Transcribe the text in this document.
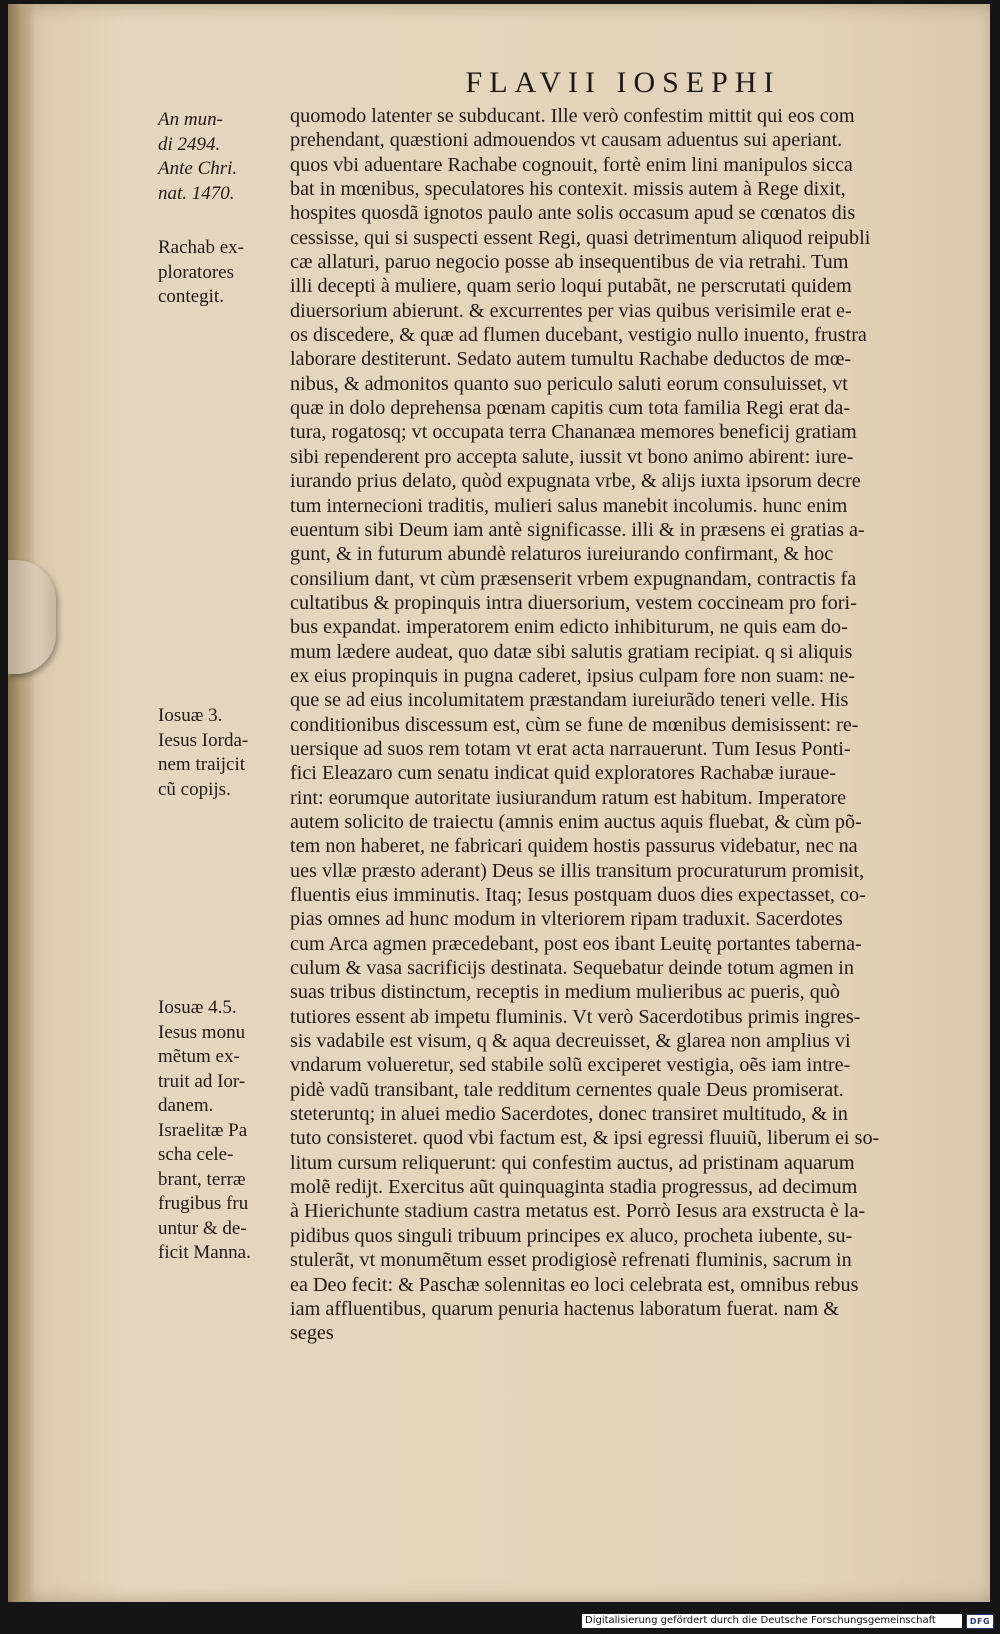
FLAVII IOSEPHI
An mun-
di 2494.
Ante Chri.
nat. 1470.
Rachab ex-
ploratores
contegit.
Iosuæ 3.
Iesus Iorda-
nem traijcit
cũ copijs.
Iosuæ 4.5.
Iesus monu
mẽtum ex-
truit ad Ior-
danem.
Israelitæ Pa
scha cele-
brant, terræ
frugibus fru
untur & de-
ficit Manna.
quomodo latenter se subducant. Ille verò confestim mittit qui eos com
prehendant, quæstioni admouendos vt causam aduentus sui aperiant.
quos vbi aduentare Rachabe cognouit, fortè enim lini manipulos sicca
bat in mœnibus, speculatores his contexit. missis autem à Rege dixit,
hospites quosdã ignotos paulo ante solis occasum apud se cœnatos dis
cessisse, qui si suspecti essent Regi, quasi detrimentum aliquod reipubli
cæ allaturi, paruo negocio posse ab insequentibus de via retrahi. Tum
illi decepti à muliere, quam serio loqui putabãt, ne perscrutati quidem
diuersorium abierunt. & excurrentes per vias quibus verisimile erat e-
os discedere, & quæ ad flumen ducebant, vestigio nullo inuento, frustra
laborare destiterunt. Sedato autem tumultu Rachabe deductos de mœ-
nibus, & admonitos quanto suo periculo saluti eorum consuluisset, vt
quæ in dolo deprehensa pœnam capitis cum tota familia Regi erat da-
tura, rogatosq; vt occupata terra Chananæa memores beneficij gratiam
sibi rependerent pro accepta salute, iussit vt bono animo abirent: iure-
iurando prius delato, quòd expugnata vrbe, & alijs iuxta ipsorum decre
tum internecioni traditis, mulieri salus manebit incolumis. hunc enim
euentum sibi Deum iam antè significasse. illi & in præsens ei gratias a-
gunt, & in futurum abundè relaturos iureiurando confirmant, & hoc
consilium dant, vt cùm præsenserit vrbem expugnandam, contractis fa
cultatibus & propinquis intra diuersorium, vestem coccineam pro fori-
bus expandat. imperatorem enim edicto inhibiturum, ne quis eam do-
mum lædere audeat, quo datæ sibi salutis gratiam recipiat. q si aliquis
ex eius propinquis in pugna caderet, ipsius culpam fore non suam: ne-
que se ad eius incolumitatem præstandam iureiurãdo teneri velle. His
conditionibus discessum est, cùm se fune de mœnibus demisissent: re-
uersique ad suos rem totam vt erat acta narrauerunt. Tum Iesus Ponti-
fici Eleazaro cum senatu indicat quid exploratores Rachabæ iuraue-
rint: eorumque autoritate iusiurandum ratum est habitum. Imperatore
autem solicito de traiectu (amnis enim auctus aquis fluebat, & cùm põ-
tem non haberet, ne fabricari quidem hostis passurus videbatur, nec na
ues vllæ præsto aderant) Deus se illis transitum procuraturum promisit,
fluentis eius imminutis. Itaq; Iesus postquam duos dies expectasset, co-
pias omnes ad hunc modum in vlteriorem ripam traduxit. Sacerdotes
cum Arca agmen præcedebant, post eos ibant Leuitę portantes taberna-
culum & vasa sacrificijs destinata. Sequebatur deinde totum agmen in
suas tribus distinctum, receptis in medium mulieribus ac pueris, quò
tutiores essent ab impetu fluminis. Vt verò Sacerdotibus primis ingres-
sis vadabile est visum, q & aqua decreuisset, & glarea non amplius vi
vndarum volueretur, sed stabile solũ exciperet vestigia, oẽs iam intre-
pidè vadũ transibant, tale redditum cernentes quale Deus promiserat.
steteruntq; in aluei medio Sacerdotes, donec transiret multitudo, & in
tuto consisteret. quod vbi factum est, & ipsi egressi fluuiũ, liberum ei so-
litum cursum reliquerunt: qui confestim auctus, ad pristinam aquarum
molẽ redijt. Exercitus aũt quinquaginta stadia progressus, ad decimum
à Hierichunte stadium castra metatus est. Porrò Iesus ara exstructa è la-
pidibus quos singuli tribuum principes ex aluco, procheta iubente, su-
stulerãt, vt monumẽtum esset prodigiosè refrenati fluminis, sacrum in
ea Deo fecit: & Paschæ solennitas eo loci celebrata est, omnibus rebus
iam affluentibus, quarum penuria hactenus laboratum fuerat. nam &
seges
Digitalisierung gefördert durch die Deutsche Forschungsgemeinschaft	DFG
